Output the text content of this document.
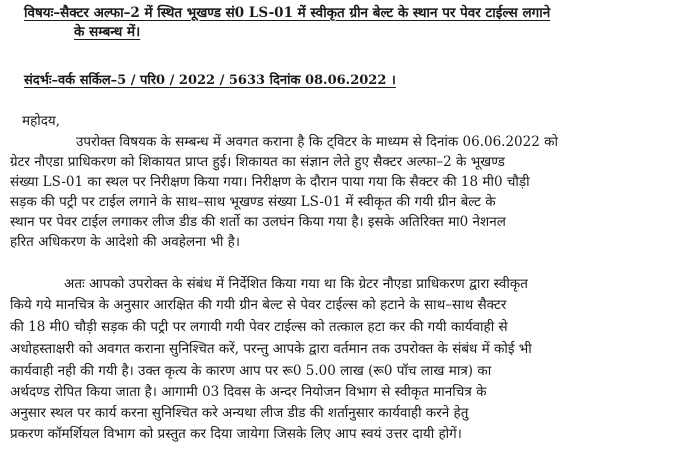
विषयः–सैक्टर अल्फा–2 में स्थित भूखण्ड सं0 LS-01 में स्वीकृत ग्रीन बेल्ट के स्थान पर पेवर टाईल्स लगाने
के सम्बन्ध में।
संदर्भः–वर्क सर्किल–5 / परि0 / 2022 / 5633 दिनांक 08.06.2022 ।
महोदय,
उपरोक्त विषयक के सम्बन्ध में अवगत कराना है कि ट्विटर के माध्यम से दिनांक 06.06.2022 को
ग्रेटर नौएडा प्राधिकरण को शिकायत प्राप्त हुई। शिकायत का संज्ञान लेते हुए सैक्टर अल्फा–2 के भूखण्ड
संख्या LS-01 का स्थल पर निरीक्षण किया गया। निरीक्षण के दौरान पाया गया कि सैक्टर की 18 मी0 चौड़ी
सड़क की पट्री पर टाईल लगाने के साथ–साथ भूखण्ड संख्या LS-01 में स्वीकृत की गयी ग्रीन बेल्ट के
स्थान पर पेवर टाईल लगाकर लीज डीड की शर्तो का उलघंन किया गया है। इसके अतिरिक्त मा0 नेशनल
हरित अधिकरण के आदेशो की अवहेलना भी है।
अतः आपको उपरोक्त के संबंध में निर्देशित किया गया था कि ग्रेटर नौएडा प्राधिकरण द्वारा स्वीकृत
किये गये मानचित्र के अनुसार आरक्षित की गयी ग्रीन बेल्ट से पेवर टाईल्स को हटाने के साथ–साथ सैक्टर
की 18 मी0 चौड़ी सड़क की पट्री पर लगायी गयी पेवर टाईल्स को तत्काल हटा कर की गयी कार्यवाही से
अधोहस्ताक्षरी को अवगत कराना सुनिश्चित करें, परन्तु आपके द्वारा वर्तमान तक उपरोक्त के संबंध में कोई भी
कार्यवाही नही की गयी है। उक्त कृत्य के कारण आप पर रू0 5.00 लाख (रू0 पॉच लाख मात्र) का
अर्थदण्ड रोपित किया जाता है। आगामी 03 दिवस के अन्दर नियोजन विभाग से स्वीकृत मानचित्र के
अनुसार स्थल पर कार्य करना सुनिश्चित करे अन्यथा लीज डीड की शर्तानुसार कार्यवाही करने हेतु
प्रकरण कॉमर्शियल विभाग को प्रस्तुत कर दिया जायेगा जिसके लिए आप स्वयं उत्तर दायी होगें।
